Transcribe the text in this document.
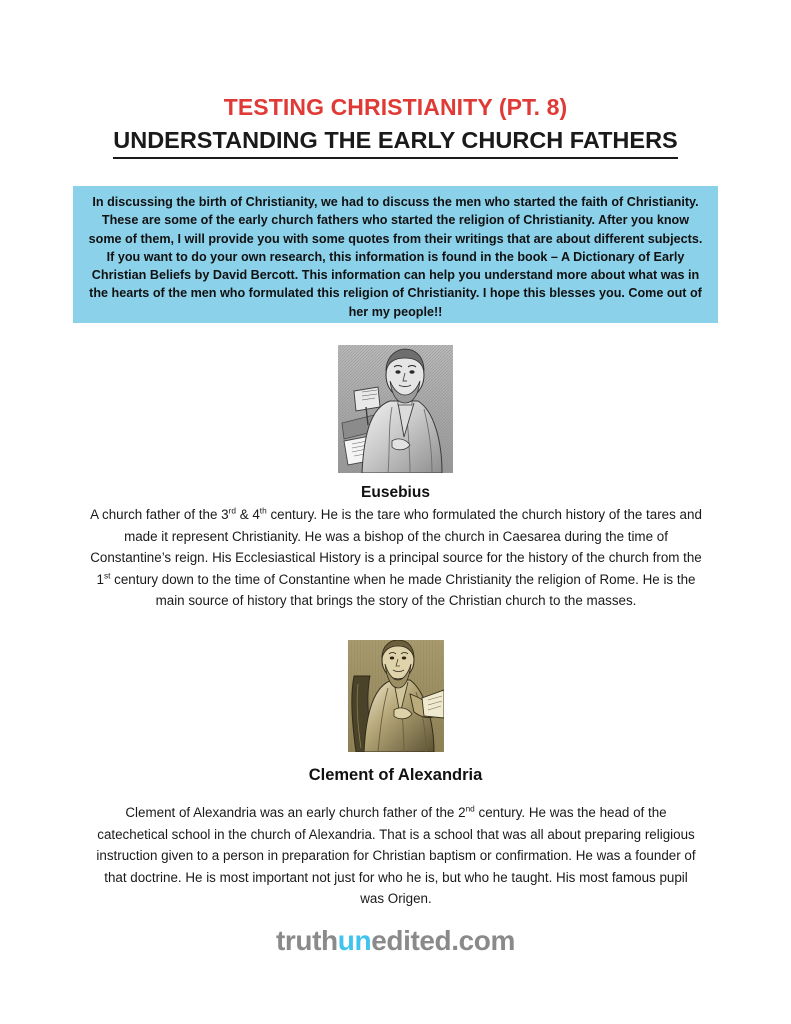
TESTING CHRISTIANITY (PT. 8)
UNDERSTANDING THE EARLY CHURCH FATHERS

In discussing the birth of Christianity, we had to discuss the men who started the faith of Christianity. These are some of the early church fathers who started the religion of Christianity. After you know some of them, I will provide you with some quotes from their writings that are about different subjects. If you want to do your own research, this information is found in the book – A Dictionary of Early Christian Beliefs by David Bercott. This information can help you understand more about what was in the hearts of the men who formulated this religion of Christianity. I hope this blesses you. Come out of her my people!!

Eusebius

A church father of the 3rd & 4th century. He is the tare who formulated the church history of the tares and made it represent Christianity. He was a bishop of the church in Caesarea during the time of Constantine’s reign. His Ecclesiastical History is a principal source for the history of the church from the 1st century down to the time of Constantine when he made Christianity the religion of Rome. He is the main source of history that brings the story of the Christian church to the masses.

Clement of Alexandria

Clement of Alexandria was an early church father of the 2nd century. He was the head of the catechetical school in the church of Alexandria. That is a school that was all about preparing religious instruction given to a person in preparation for Christian baptism or confirmation. He was a founder of that doctrine. He is most important not just for who he is, but who he taught. His most famous pupil was Origen.

truthunedited.com
